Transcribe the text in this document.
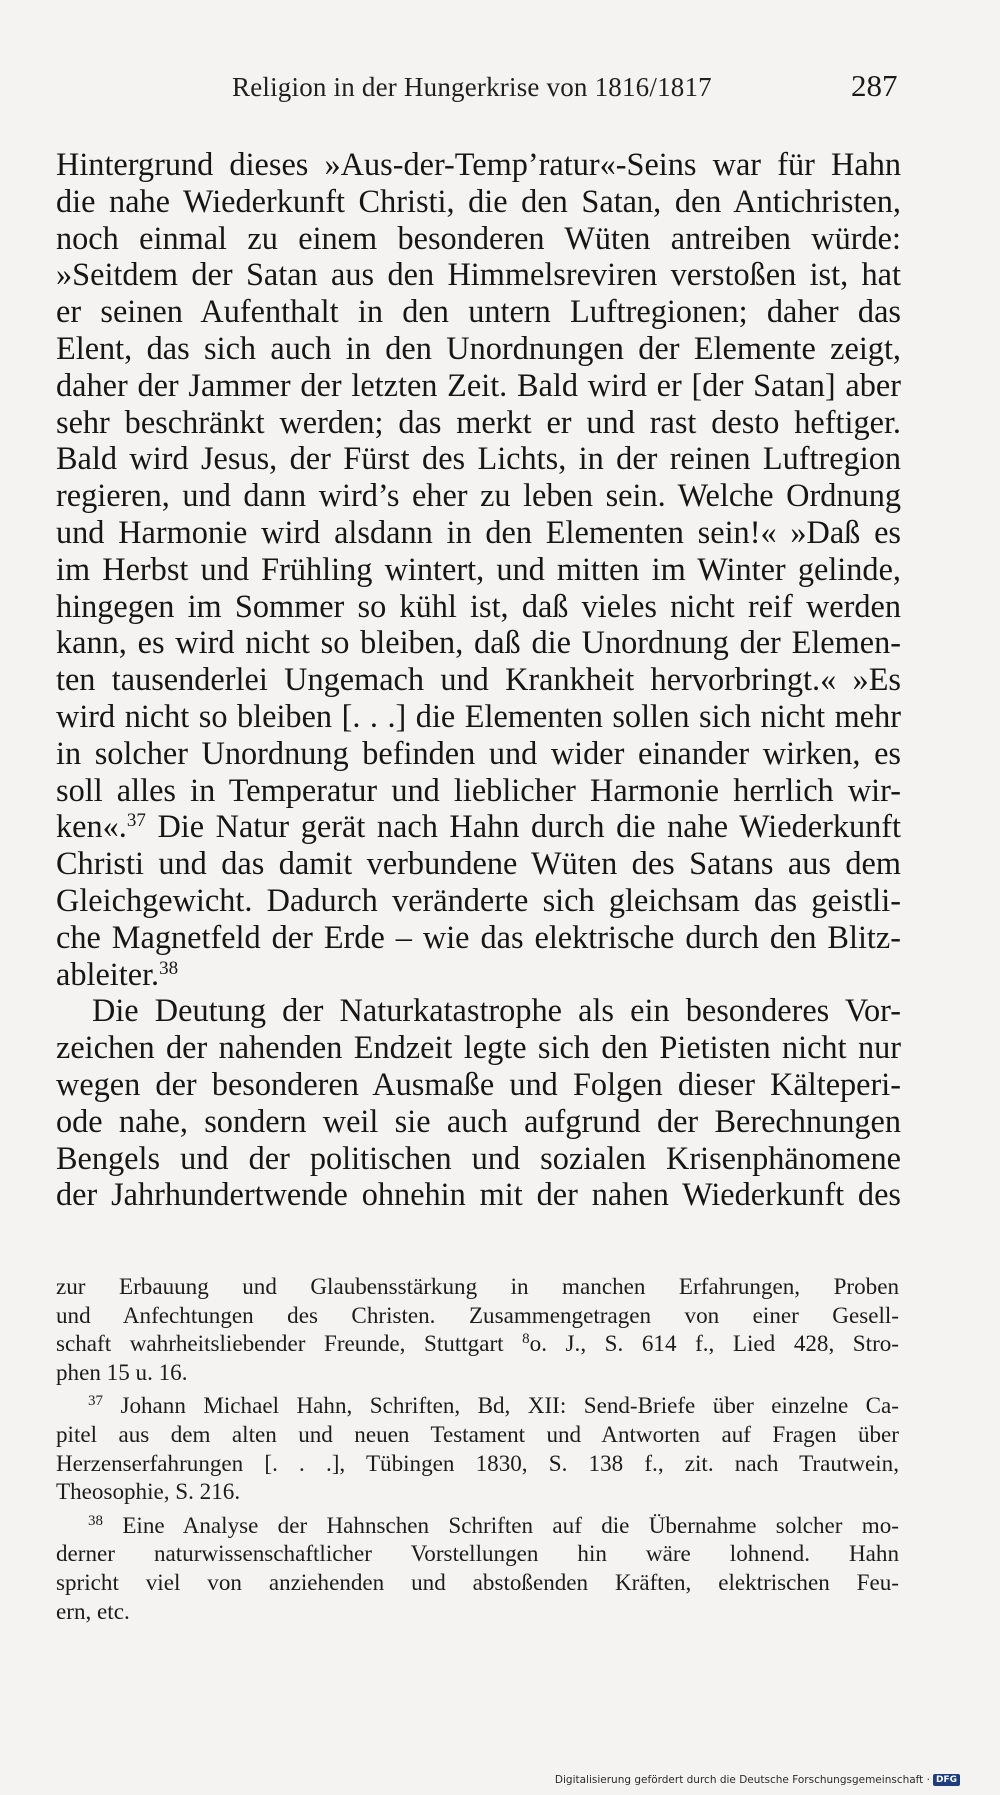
Religion in der Hungerkrise von 1816/1817	287
Hintergrund dieses »Aus-der-Temp’ratur«-Seins war für Hahn
die nahe Wiederkunft Christi, die den Satan, den Antichristen,
noch einmal zu einem besonderen Wüten antreiben würde:
»Seitdem der Satan aus den Himmelsreviren verstoßen ist, hat
er seinen Aufenthalt in den untern Luftregionen; daher das
Elent, das sich auch in den Unordnungen der Elemente zeigt,
daher der Jammer der letzten Zeit. Bald wird er [der Satan] aber
sehr beschränkt werden; das merkt er und rast desto heftiger.
Bald wird Jesus, der Fürst des Lichts, in der reinen Luftregion
regieren, und dann wird’s eher zu leben sein. Welche Ordnung
und Harmonie wird alsdann in den Elementen sein!« »Daß es
im Herbst und Frühling wintert, und mitten im Winter gelinde,
hingegen im Sommer so kühl ist, daß vieles nicht reif werden
kann, es wird nicht so bleiben, daß die Unordnung der Elemen-
ten tausenderlei Ungemach und Krankheit hervorbringt.« »Es
wird nicht so bleiben [. . .] die Elementen sollen sich nicht mehr
in solcher Unordnung befinden und wider einander wirken, es
soll alles in Temperatur und lieblicher Harmonie herrlich wir-
ken«.$^{37}$ Die Natur gerät nach Hahn durch die nahe Wiederkunft
Christi und das damit verbundene Wüten des Satans aus dem
Gleichgewicht. Dadurch veränderte sich gleichsam das geistli-
che Magnetfeld der Erde – wie das elektrische durch den Blitz-
ableiter.$^{38}$
Die Deutung der Naturkatastrophe als ein besonderes Vor-
zeichen der nahenden Endzeit legte sich den Pietisten nicht nur
wegen der besonderen Ausmaße und Folgen dieser Kälteperi-
ode nahe, sondern weil sie auch aufgrund der Berechnungen
Bengels und der politischen und sozialen Krisenphänomene
der Jahrhundertwende ohnehin mit der nahen Wiederkunft des
zur Erbauung und Glaubensstärkung in manchen Erfahrungen, Proben
und Anfechtungen des Christen. Zusammengetragen von einer Gesell-
schaft wahrheitsliebender Freunde, Stuttgart $^8$o. J., S. 614 f., Lied 428, Stro-
phen 15 u. 16.
$^{37}$ Johann Michael Hahn, Schriften, Bd, XII: Send-Briefe über einzelne Ca-
pitel aus dem alten und neuen Testament und Antworten auf Fragen über
Herzenserfahrungen [. . .], Tübingen 1830, S. 138 f., zit. nach Trautwein,
Theosophie, S. 216.
$^{38}$ Eine Analyse der Hahnschen Schriften auf die Übernahme solcher mo-
derner naturwissenschaftlicher Vorstellungen hin wäre lohnend. Hahn
spricht viel von anziehenden und abstoßenden Kräften, elektrischen Feu-
ern, etc.
Digitalisierung gefördert durch die Deutsche Forschungsgemeinschaft · DFG
